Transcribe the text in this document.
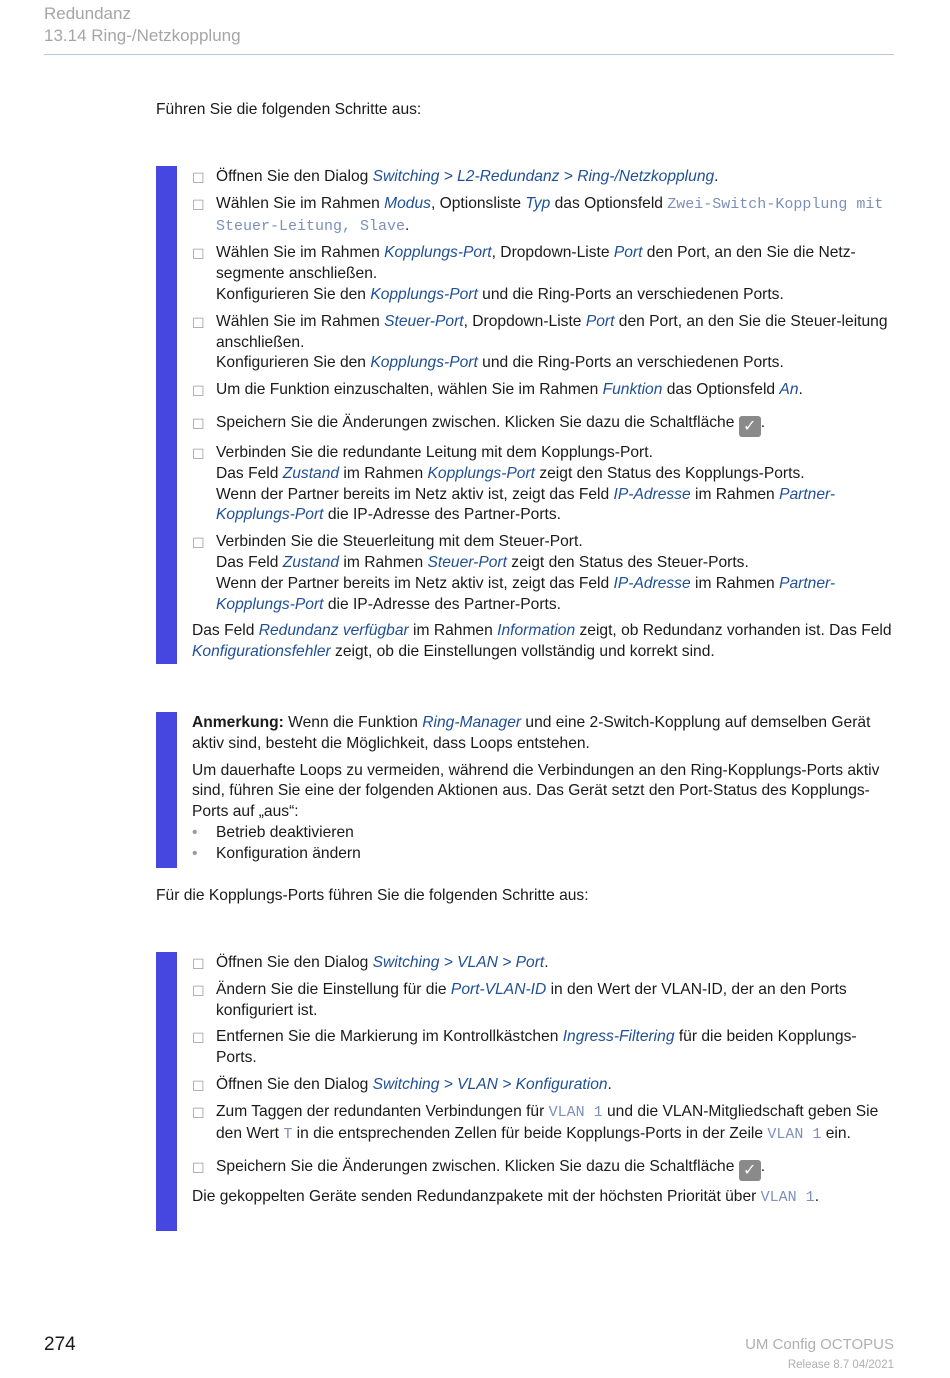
Redundanz
13.14 Ring-/Netzkopplung
Führen Sie die folgenden Schritte aus:
☐ Öffnen Sie den Dialog Switching > L2-Redundanz > Ring-/Netzkopplung.
☐ Wählen Sie im Rahmen Modus, Optionsliste Typ das Optionsfeld Zwei-Switch-Kopplung mit Steuer-Leitung, Slave.
☐ Wählen Sie im Rahmen Kopplungs-Port, Dropdown-Liste Port den Port, an den Sie die Netz-segmente anschließen.
Konfigurieren Sie den Kopplungs-Port und die Ring-Ports an verschiedenen Ports.
☐ Wählen Sie im Rahmen Steuer-Port, Dropdown-Liste Port den Port, an den Sie die Steuer-leitung anschließen.
Konfigurieren Sie den Kopplungs-Port und die Ring-Ports an verschiedenen Ports.
☐ Um die Funktion einzuschalten, wählen Sie im Rahmen Funktion das Optionsfeld An.
☐ Speichern Sie die Änderungen zwischen. Klicken Sie dazu die Schaltfläche ✓ .
☐ Verbinden Sie die redundante Leitung mit dem Kopplungs-Port.
Das Feld Zustand im Rahmen Kopplungs-Port zeigt den Status des Kopplungs-Ports.
Wenn der Partner bereits im Netz aktiv ist, zeigt das Feld IP-Adresse im Rahmen Partner-Kopplungs-Port die IP-Adresse des Partner-Ports.
☐ Verbinden Sie die Steuerleitung mit dem Steuer-Port.
Das Feld Zustand im Rahmen Steuer-Port zeigt den Status des Steuer-Ports.
Wenn der Partner bereits im Netz aktiv ist, zeigt das Feld IP-Adresse im Rahmen Partner-Kopplungs-Port die IP-Adresse des Partner-Ports.
Das Feld Redundanz verfügbar im Rahmen Information zeigt, ob Redundanz vorhanden ist. Das Feld Konfigurationsfehler zeigt, ob die Einstellungen vollständig und korrekt sind.
Anmerkung: Wenn die Funktion Ring-Manager und eine 2-Switch-Kopplung auf demselben Gerät aktiv sind, besteht die Möglichkeit, dass Loops entstehen.
Um dauerhafte Loops zu vermeiden, während die Verbindungen an den Ring-Kopplungs-Ports aktiv sind, führen Sie eine der folgenden Aktionen aus. Das Gerät setzt den Port-Status des Kopplungs-Ports auf „aus“:
• Betrieb deaktivieren
• Konfiguration ändern
Für die Kopplungs-Ports führen Sie die folgenden Schritte aus:
☐ Öffnen Sie den Dialog Switching > VLAN > Port.
☐ Ändern Sie die Einstellung für die Port-VLAN-ID in den Wert der VLAN-ID, der an den Ports konfiguriert ist.
☐ Entfernen Sie die Markierung im Kontrollkästchen Ingress-Filtering für die beiden Kopplungs-Ports.
☐ Öffnen Sie den Dialog Switching > VLAN > Konfiguration.
☐ Zum Taggen der redundanten Verbindungen für VLAN 1 und die VLAN-Mitgliedschaft geben Sie den Wert T in die entsprechenden Zellen für beide Kopplungs-Ports in der Zeile VLAN 1 ein.
☐ Speichern Sie die Änderungen zwischen. Klicken Sie dazu die Schaltfläche ✓ .
Die gekoppelten Geräte senden Redundanzpakete mit der höchsten Priorität über VLAN 1.
274	UM Config OCTOPUS
Release 8.7 04/2021
